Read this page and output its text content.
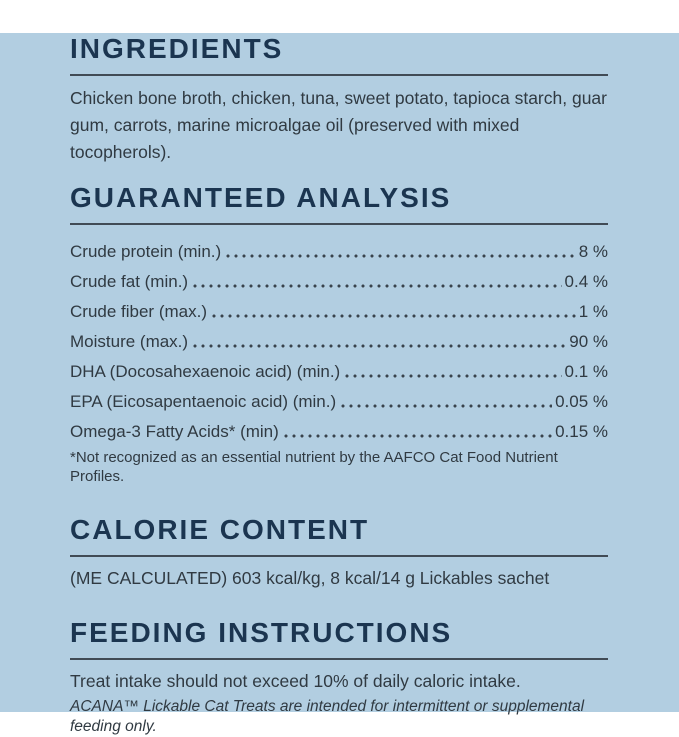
INGREDIENTS

Chicken bone broth, chicken, tuna, sweet potato, tapioca starch, guar gum, carrots, marine microalgae oil (preserved with mixed tocopherols).

GUARANTEED ANALYSIS
Crude protein (min.)	8 %
Crude fat (min.)	0.4 %
Crude fiber (max.)	1 %
Moisture (max.)	90 %
DHA (Docosahexaenoic acid) (min.)	0.1 %
EPA (Eicosapentaenoic acid) (min.)	0.05 %
Omega-3 Fatty Acids* (min)	0.15 %

*Not recognized as an essential nutrient by the AAFCO Cat Food Nutrient Profiles.

CALORIE CONTENT

(ME CALCULATED) 603 kcal/kg, 8 kcal/14 g Lickables sachet

FEEDING INSTRUCTIONS

Treat intake should not exceed 10% of daily caloric intake.

ACANA™ Lickable Cat Treats are intended for intermittent or supplemental feeding only.
